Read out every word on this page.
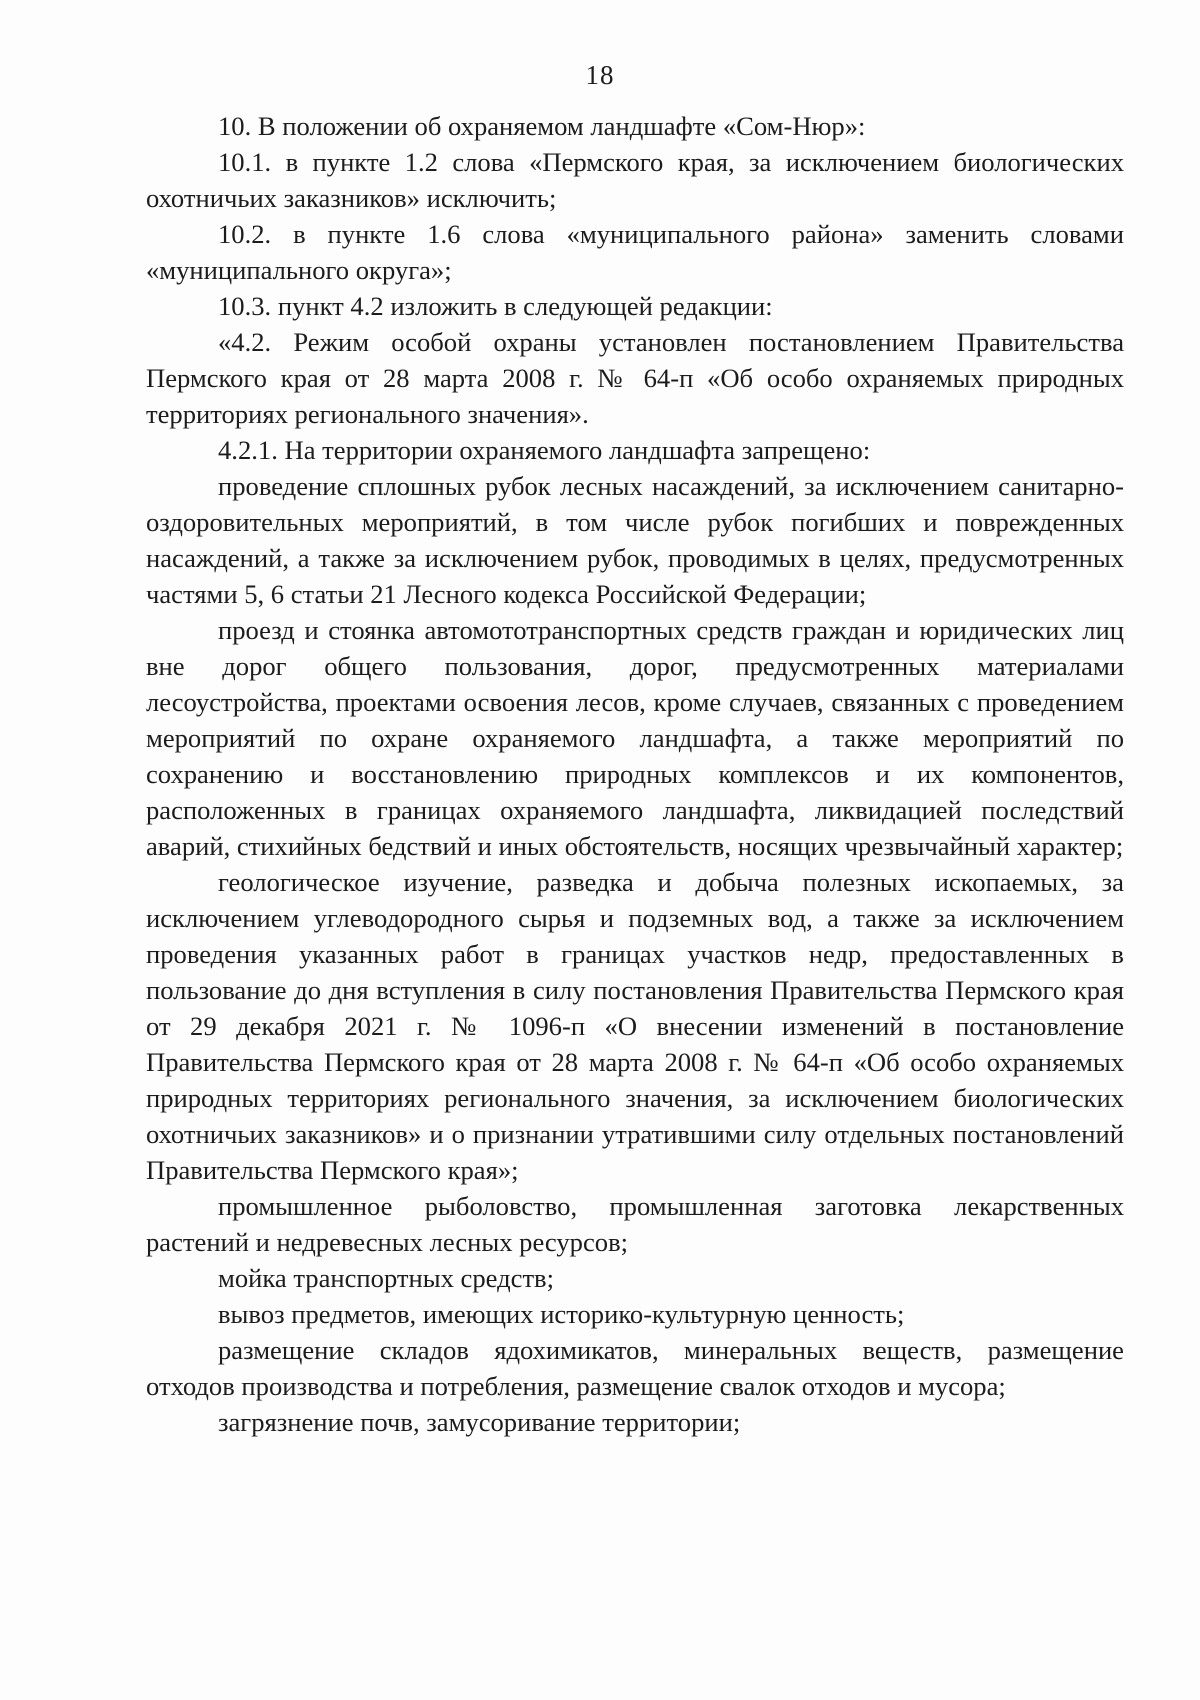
18

10. В положении об охраняемом ландшафте «Сом-Нюр»:

10.1. в пункте 1.2 слова «Пермского края, за исключением биологических охотничьих заказников» исключить;

10.2. в пункте 1.6 слова «муниципального района» заменить словами «муниципального округа»;

10.3. пункт 4.2 изложить в следующей редакции:

«4.2. Режим особой охраны установлен постановлением Правительства Пермского края от 28 марта 2008 г. № 64-п «Об особо охраняемых природных территориях регионального значения».

4.2.1. На территории охраняемого ландшафта запрещено:

проведение сплошных рубок лесных насаждений, за исключением санитарно-оздоровительных мероприятий, в том числе рубок погибших и поврежденных насаждений, а также за исключением рубок, проводимых в целях, предусмотренных частями 5, 6 статьи 21 Лесного кодекса Российской Федерации;

проезд и стоянка автомототранспортных средств граждан и юридических лиц вне дорог общего пользования, дорог, предусмотренных материалами лесоустройства, проектами освоения лесов, кроме случаев, связанных с проведением мероприятий по охране охраняемого ландшафта, а также мероприятий по сохранению и восстановлению природных комплексов и их компонентов, расположенных в границах охраняемого ландшафта, ликвидацией последствий аварий, стихийных бедствий и иных обстоятельств, носящих чрезвычайный характер;

геологическое изучение, разведка и добыча полезных ископаемых, за исключением углеводородного сырья и подземных вод, а также за исключением проведения указанных работ в границах участков недр, предоставленных в пользование до дня вступления в силу постановления Правительства Пермского края от 29 декабря 2021 г. № 1096-п «О внесении изменений в постановление Правительства Пермского края от 28 марта 2008 г. № 64-п «Об особо охраняемых природных территориях регионального значения, за исключением биологических охотничьих заказников» и о признании утратившими силу отдельных постановлений Правительства Пермского края»;

промышленное рыболовство, промышленная заготовка лекарственных растений и недревесных лесных ресурсов;

мойка транспортных средств;

вывоз предметов, имеющих историко-культурную ценность;

размещение складов ядохимикатов, минеральных веществ, размещение отходов производства и потребления, размещение свалок отходов и мусора;

загрязнение почв, замусоривание территории;
